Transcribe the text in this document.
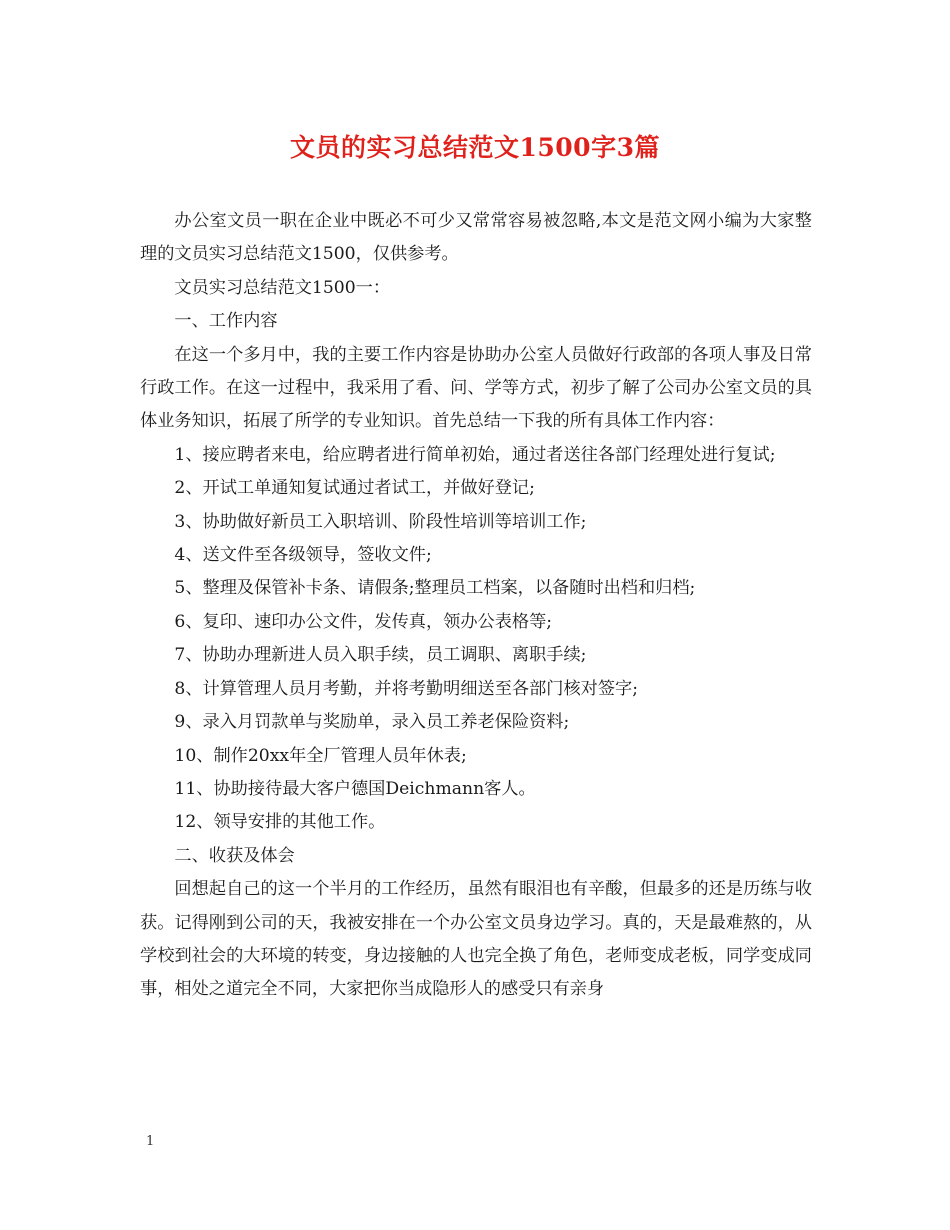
文员的实习总结范文1500字3篇

办公室文员一职在企业中既必不可少又常常容易被忽略,本文是范文网小编为大家整理的文员实习总结范文1500，仅供参考。

文员实习总结范文1500一：

一、工作内容

在这一个多月中，我的主要工作内容是协助办公室人员做好行政部的各项人事及日常行政工作。在这一过程中，我采用了看、问、学等方式，初步了解了公司办公室文员的具体业务知识，拓展了所学的专业知识。首先总结一下我的所有具体工作内容：

1、接应聘者来电，给应聘者进行简单初始，通过者送往各部门经理处进行复试;

2、开试工单通知复试通过者试工，并做好登记;

3、协助做好新员工入职培训、阶段性培训等培训工作;

4、送文件至各级领导，签收文件;

5、整理及保管补卡条、请假条;整理员工档案，以备随时出档和归档;

6、复印、速印办公文件，发传真，领办公表格等;

7、协助办理新进人员入职手续，员工调职、离职手续;

8、计算管理人员月考勤，并将考勤明细送至各部门核对签字;

9、录入月罚款单与奖励单，录入员工养老保险资料;

10、制作20xx年全厂管理人员年休表;

11、协助接待最大客户德国Deichmann客人。

12、领导安排的其他工作。

二、收获及体会

回想起自己的这一个半月的工作经历，虽然有眼泪也有辛酸，但最多的还是历练与收获。记得刚到公司的天，我被安排在一个办公室文员身边学习。真的，天是最难熬的，从学校到社会的大环境的转变，身边接触的人也完全换了角色，老师变成老板，同学变成同事，相处之道完全不同，大家把你当成隐形人的感受只有亲身

1
